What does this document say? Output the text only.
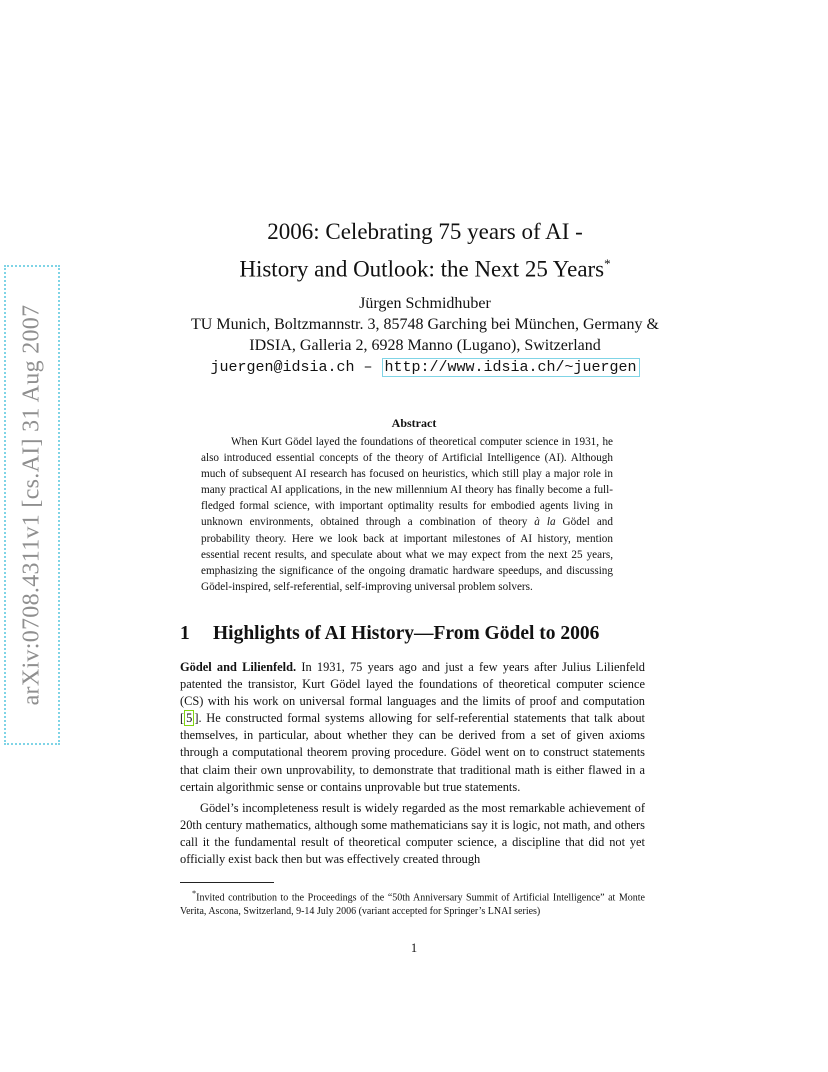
arXiv:0708.4311v1 [cs.AI] 31 Aug 2007
2006: Celebrating 75 years of AI -
History and Outlook: the Next 25 Years*
Jürgen Schmidhuber
TU Munich, Boltzmannstr. 3, 85748 Garching bei München, Germany &
IDSIA, Galleria 2, 6928 Manno (Lugano), Switzerland
juergen@idsia.ch – http://www.idsia.ch/~juergen
Abstract
When Kurt Gödel layed the foundations of theoretical computer science in 1931, he also introduced essential concepts of the theory of Artificial Intelligence (AI). Although much of subsequent AI research has focused on heuristics, which still play a major role in many practical AI applications, in the new millennium AI theory has finally become a full-fledged formal science, with important optimality results for embodied agents living in unknown environments, obtained through a combination of theory à la Gödel and probability theory. Here we look back at important milestones of AI history, mention essential recent results, and speculate about what we may expect from the next 25 years, emphasizing the significance of the ongoing dramatic hardware speedups, and discussing Gödel-inspired, self-referential, self-improving universal problem solvers.
1 Highlights of AI History—From Gödel to 2006
Gödel and Lilienfeld. In 1931, 75 years ago and just a few years after Julius Lilienfeld patented the transistor, Kurt Gödel layed the foundations of theoretical computer science (CS) with his work on universal formal languages and the limits of proof and computation [ 5 ]. He constructed formal systems allowing for self-referential statements that talk about themselves, in particular, about whether they can be derived from a set of given axioms through a computational theorem proving procedure. Gödel went on to construct statements that claim their own unprovability, to demonstrate that traditional math is either flawed in a certain algorithmic sense or contains unprovable but true statements.
Gödel’s incompleteness result is widely regarded as the most remarkable achievement of 20th century mathematics, although some mathematicians say it is logic, not math, and others call it the fundamental result of theoretical computer science, a discipline that did not yet officially exist back then but was effectively created through
*Invited contribution to the Proceedings of the “50th Anniversary Summit of Artificial Intelligence” at Monte Verita, Ascona, Switzerland, 9-14 July 2006 (variant accepted for Springer’s LNAI series)
1
